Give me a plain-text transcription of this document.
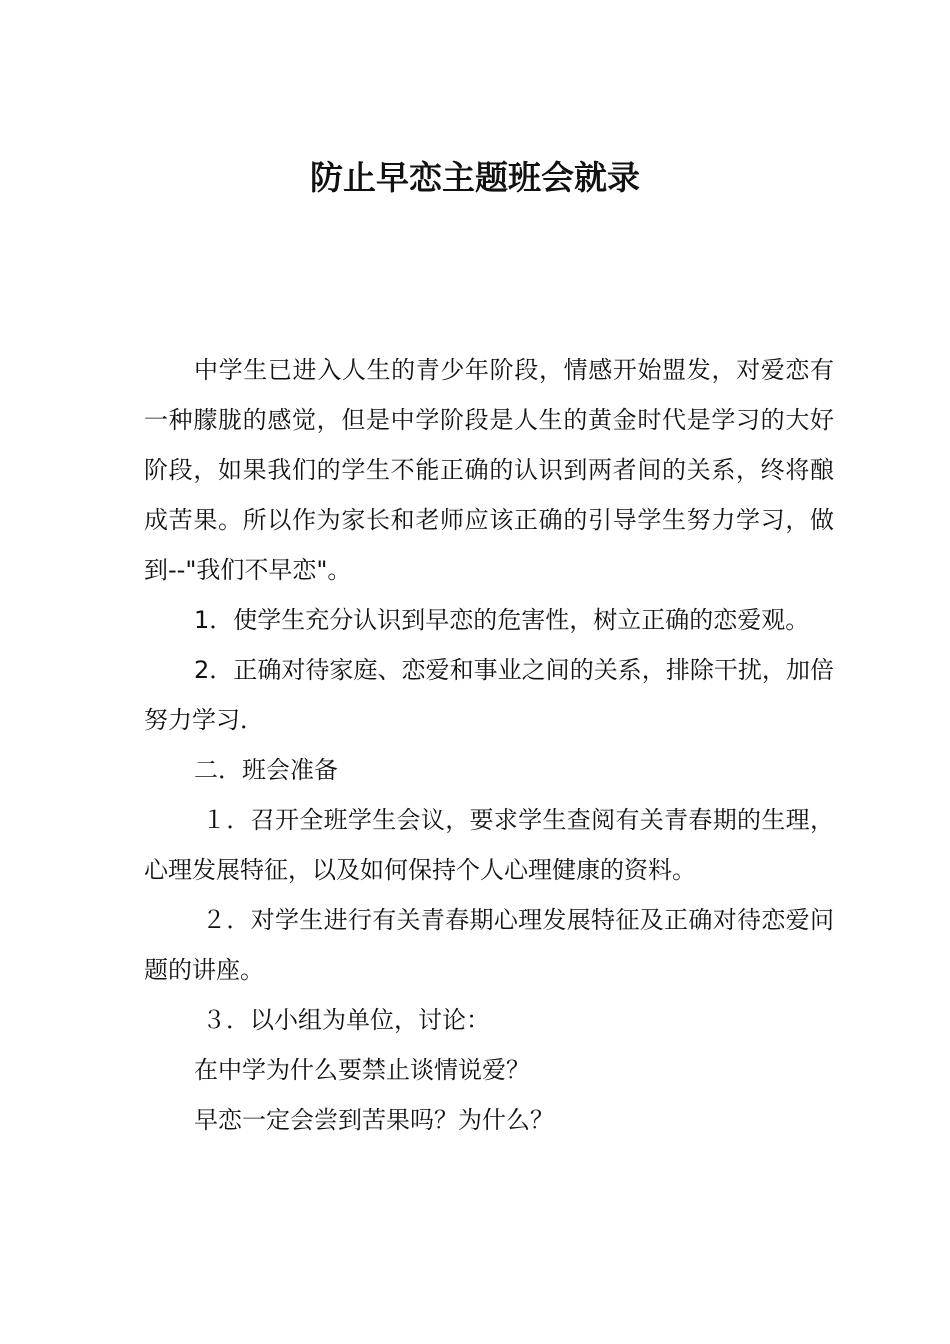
防止早恋主题班会就录

中学生已进入人生的青少年阶段，情感开始盟发，对爱恋有一种朦胧的感觉，但是中学阶段是人生的黄金时代是学习的大好阶段，如果我们的学生不能正确的认识到两者间的关系，终将酿成苦果。所以作为家长和老师应该正确的引导学生努力学习，做到--"我们不早恋"。

1．使学生充分认识到早恋的危害性，树立正确的恋爱观。

2．正确对待家庭、恋爱和事业之间的关系，排除干扰，加倍努力学习．

二．班会准备

１．召开全班学生会议，要求学生查阅有关青春期的生理，心理发展特征，以及如何保持个人心理健康的资料。

２．对学生进行有关青春期心理发展特征及正确对待恋爱问题的讲座。

３．以小组为单位，讨论：

在中学为什么要禁止谈情说爱？

早恋一定会尝到苦果吗？为什么？
